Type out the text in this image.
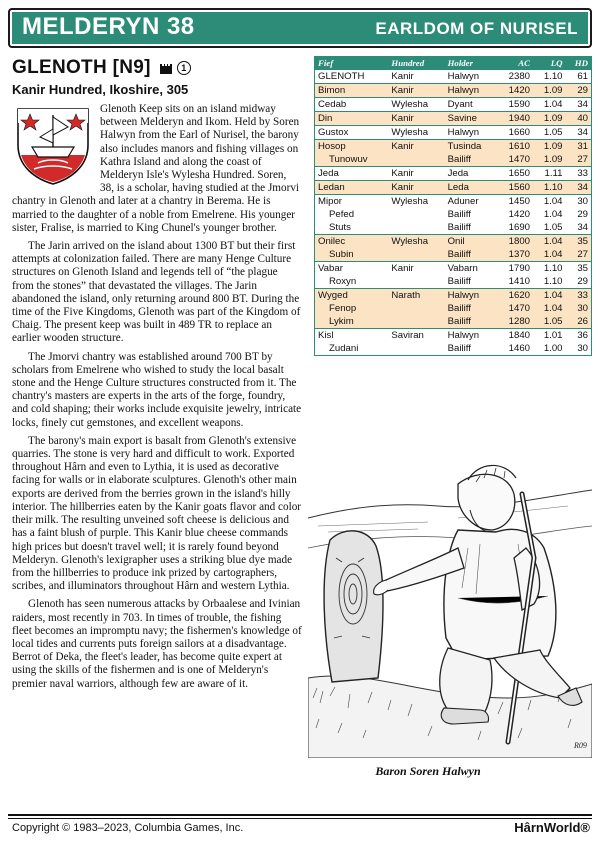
MELDERYN 38	EARLDOM OF NURISEL
GLENOTH [N9]	1
Kanir Hundred, Ikoshire, 305

Glenoth Keep sits on an island midway between Melderyn and Ikom. Held by Soren Halwyn from the Earl of Nurisel, the barony also includes manors and fishing villages on Kathra Island and along the coast of Melderyn Isle's Wylesha Hundred. Soren, 38, is a scholar, having studied at the Jmorvi chantry in Glenoth and later at a chantry in Berema. He is married to the daughter of a noble from Emelrene. His younger sister, Fralise, is married to King Chunel's younger brother.

The Jarin arrived on the island about 1300 BT but their first attempts at colonization failed. There are many Henge Culture structures on Glenoth Island and legends tell of “the plague from the stones” that devastated the villages. The Jarin abandoned the island, only returning around 800 BT. During the time of the Five Kingdoms, Glenoth was part of the Kingdom of Chaig. The present keep was built in 489 TR to replace an earlier wooden structure.

The Jmorvi chantry was established around 700 BT by scholars from Emelrene who wished to study the local basalt stone and the Henge Culture structures constructed from it. The chantry's masters are experts in the arts of the forge, foundry, and cold shaping; their works include exquisite jewelry, intricate locks, finely cut gemstones, and excellent weapons.

The barony's main export is basalt from Glenoth's extensive quarries. The stone is very hard and difficult to work. Exported throughout Hârn and even to Lythia, it is used as decorative facing for walls or in elaborate sculptures. Glenoth's other main exports are derived from the berries grown in the island's hilly interior. The hillberries eaten by the Kanir goats flavor and color their milk. The resulting unveined soft cheese is delicious and has a faint blush of purple. This Kanir blue cheese commands high prices but doesn't travel well; it is rarely found beyond Melderyn. Glenoth's lexigrapher uses a striking blue dye made from the hillberries to produce ink prized by cartographers, scribes, and illuminators throughout Hârn and western Lythia.

Glenoth has seen numerous attacks by Orbaalese and Ivinian raiders, most recently in 703. In times of trouble, the fishing fleet becomes an impromptu navy; the fishermen's knowledge of local tides and currents puts foreign sailors at a disadvantage. Berrot of Deka, the fleet's leader, has become quite expert at using the skills of the fishermen and is one of Melderyn's premier naval warriors, although few are aware of it.

Fief	Hundred	Holder	AC	LQ	HD
GLENOTH	Kanir	Halwyn	2380	1.10	61
Bimon	Kanir	Halwyn	1420	1.09	29
Cedab	Wylesha	Dyant	1590	1.04	34
Din	Kanir	Savine	1940	1.09	40
Gustox	Wylesha	Halwyn	1660	1.05	34
Hosop	Kanir	Tusinda	1610	1.09	31
Tunowuv		Bailiff	1470	1.09	27
Jeda	Kanir	Jeda	1650	1.11	33
Ledan	Kanir	Leda	1560	1.10	34
Mipor	Wylesha	Aduner	1450	1.04	30
Pefed		Bailiff	1420	1.04	29
Stuts		Bailiff	1690	1.05	34
Onilec	Wylesha	Onil	1800	1.04	35
Subin		Bailiff	1370	1.04	27
Vabar	Kanir	Vabarn	1790	1.10	35
Roxyn		Bailiff	1410	1.10	29
Wyged	Narath	Halwyn	1620	1.04	33
Fenop		Bailiff	1470	1.04	30
Lykim		Bailiff	1280	1.05	26
Kisl	Saviran	Halwyn	1840	1.01	36
Zudani		Bailiff	1460	1.00	30
R09
Baron Soren Halwyn
Copyright © 1983–2023, Columbia Games, Inc.	HârnWorld®
